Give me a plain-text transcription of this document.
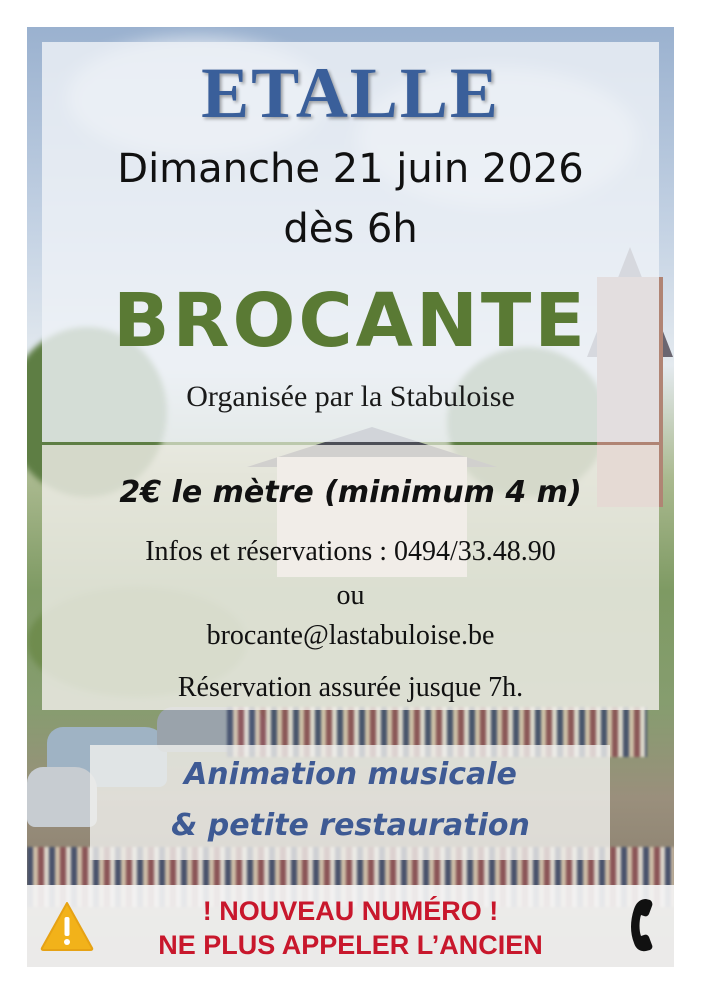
ETALLE

Dimanche 21 juin 2026

dès 6h

BROCANTE

Organisée par la Stabuloise

2€ le mètre (minimum 4 m)

Infos et réservations : 0494/33.48.90

ou

brocante@lastabuloise.be

Réservation assurée jusque 7h.

Animation musicale

& petite restauration

! NOUVEAU NUMÉRO !

NE PLUS APPELER L’ANCIEN
